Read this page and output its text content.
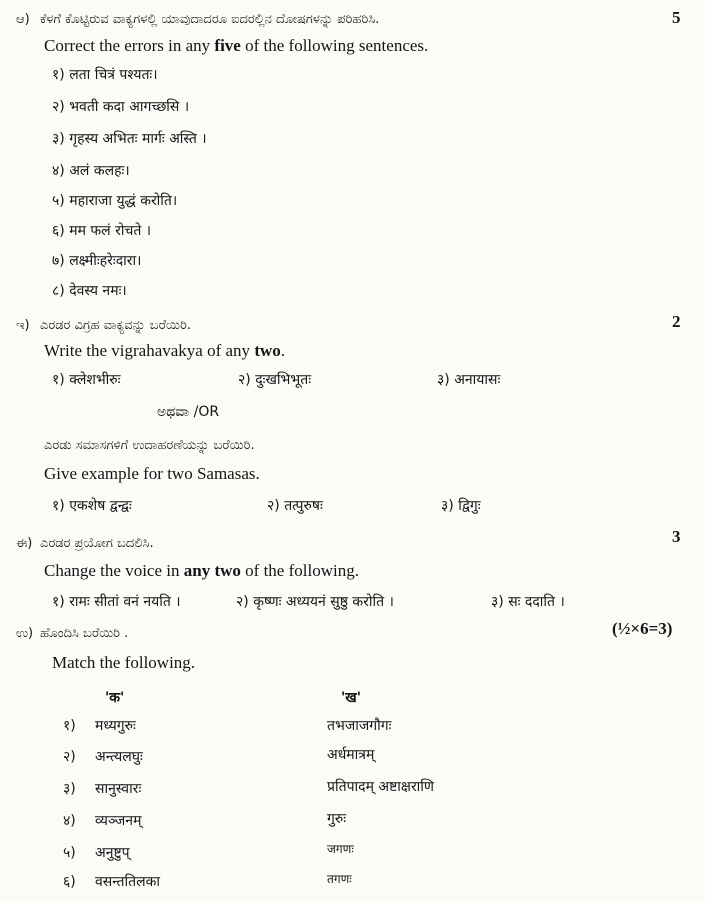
ಆ) ಕೆಳಗೆ ಕೊಟ್ಟಿರುವ ವಾಕ್ಯಗಳಲ್ಲಿ ಯಾವುದಾದರೂ ಐದರಲ್ಲಿನ ದೋಷಗಳನ್ನು ಪರಿಹರಿಸಿ.	5
Correct the errors in any five of the following sentences.
१) लता चित्रं पश्यतः।
२) भवती कदा आगच्छसि ।
३) गृहस्य अभितः मार्गः अस्ति ।
४) अलं कलहः।
५) महाराजा युद्धं करोति।
६) मम फलं रोचते ।
७) लक्ष्मीःहरेःदारा।
८) देवस्य नमः।
ಇ) ಎರಡರ ವಿಗ್ರಹ ವಾಕ್ಯವನ್ನು ಬರೆಯಿರಿ.	2
Write the vigrahavakya of any two.
१) क्लेशभीरुः	२) दुःखभिभूतः	३) अनायासः
ಅಥವಾ /OR
ಎರಡು ಸಮಾಸಗಳಿಗೆ ಉದಾಹರಣೆಯನ್ನು ಬರೆಯಿರಿ.
Give example for two Samasas.
१) एकशेष द्वन्द्वः	२) तत्पुरुषः	३) द्विगुः
ಈ) ಎರಡರ ಪ್ರಯೋಗ ಬದಲಿಸಿ.	3
Change the voice in any two of the following.
१) रामः सीतां वनं नयति ।	२) कृष्णः अध्ययनं सुष्ठु करोति ।	३) सः ददाति ।
ಉ) ಹೊಂದಿಸಿ ಬರೆಯಿರಿ .	(½×6=3)
Match the following.
'क'	'ख'
१) मध्यगुरुः	तभजाजगौगः
२) अन्त्यलघुः	अर्धमात्रम्
३) सानुस्वारः	प्रतिपादम् अष्टाक्षराणि
४) व्यञ्जनम्	गुरुः
५) अनुष्टुप्	जगणः
६) वसन्ततिलका	तगणः
